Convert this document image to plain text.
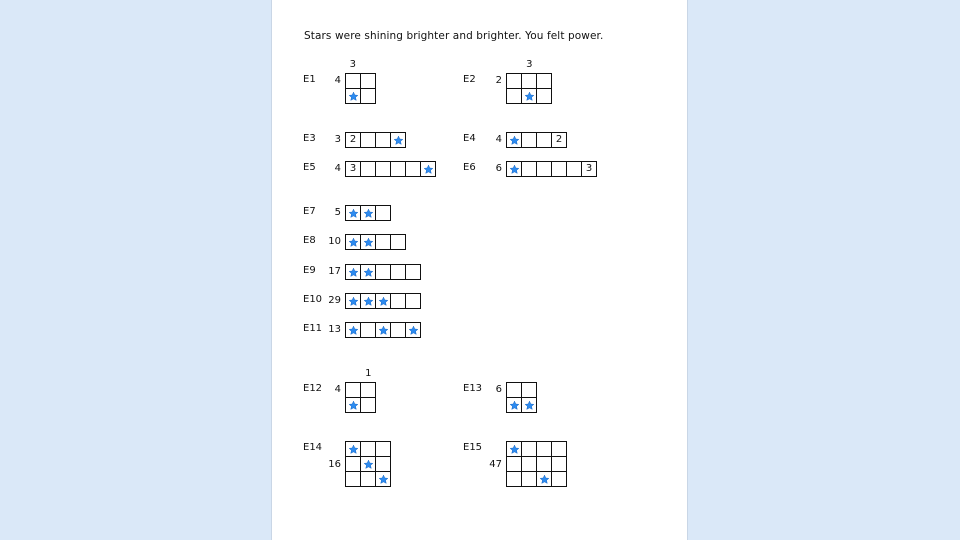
Stars were shining brighter and brighter. You felt power.
E1 4
3
E2 2
3
E3	2
3	E4	2
4
E5	3
4	E6	3
6
E7 5
E8 10
E9 17
E10 29
E11 13
E12 4
1
E13 6
E14
16
E15
47
